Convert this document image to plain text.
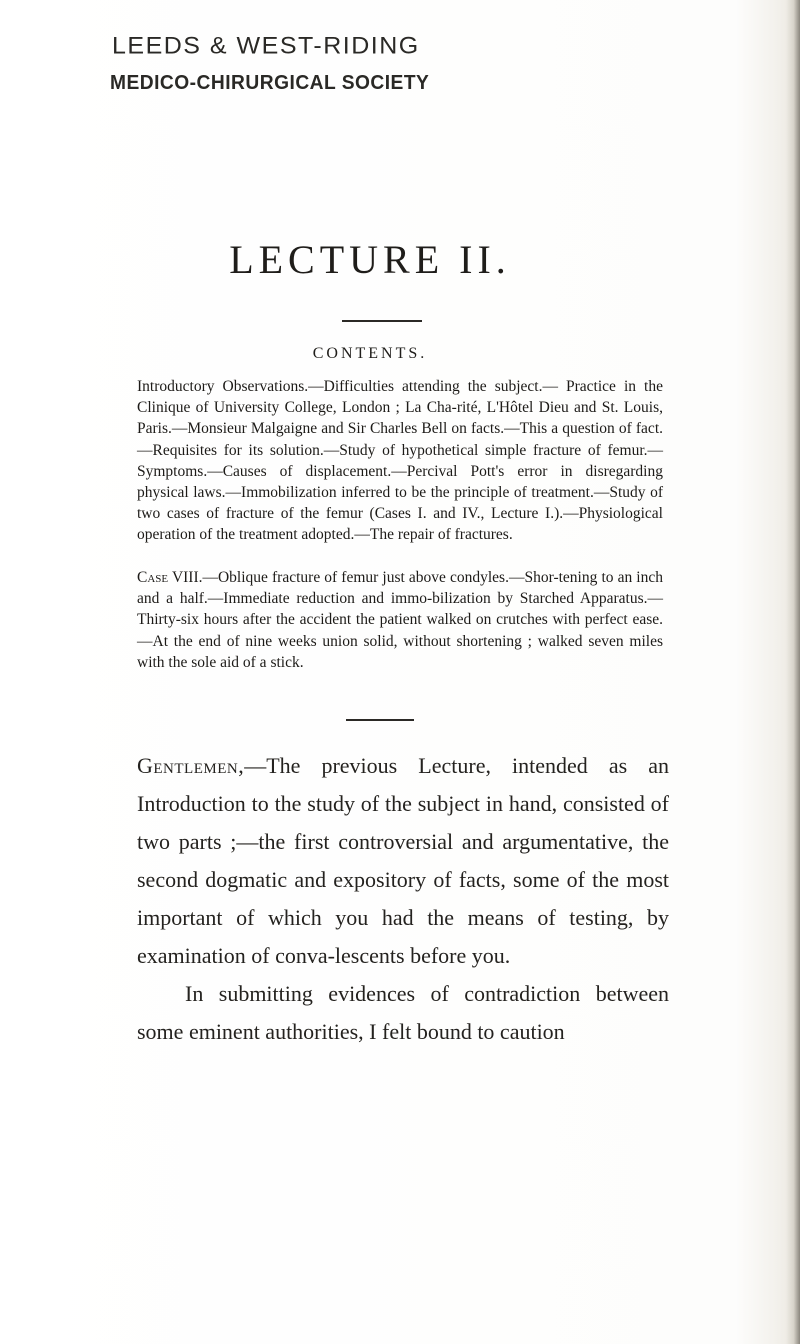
LEEDS & WEST-RIDING
MEDICO-CHIRURGICAL SOCIETY
LECTURE II.
CONTENTS.

Introductory Observations.—Difficulties attending the subject.— Practice in the Clinique of University College, London ; La Cha-rité, L'Hôtel Dieu and St. Louis, Paris.—Monsieur Malgaigne and Sir Charles Bell on facts.—This a question of fact.—Requisites for its solution.—Study of hypothetical simple fracture of femur.— Symptoms.—Causes of displacement.—Percival Pott's error in disregarding physical laws.—Immobilization inferred to be the principle of treatment.—Study of two cases of fracture of the femur (Cases I. and IV., Lecture I.).—Physiological operation of the treatment adopted.—The repair of fractures.

Case VIII.—Oblique fracture of femur just above condyles.—Shor-tening to an inch and a half.—Immediate reduction and immo-bilization by Starched Apparatus.—Thirty-six hours after the accident the patient walked on crutches with perfect ease.—At the end of nine weeks union solid, without shortening ; walked seven miles with the sole aid of a stick.

Gentlemen,—The previous Lecture, intended as an Introduction to the study of the subject in hand, consisted of two parts ;—the first controversial and argumentative, the second dogmatic and expository of facts, some of the most important of which you had the means of testing, by examination of conva-lescents before you.

In submitting evidences of contradiction between some eminent authorities, I felt bound to caution
